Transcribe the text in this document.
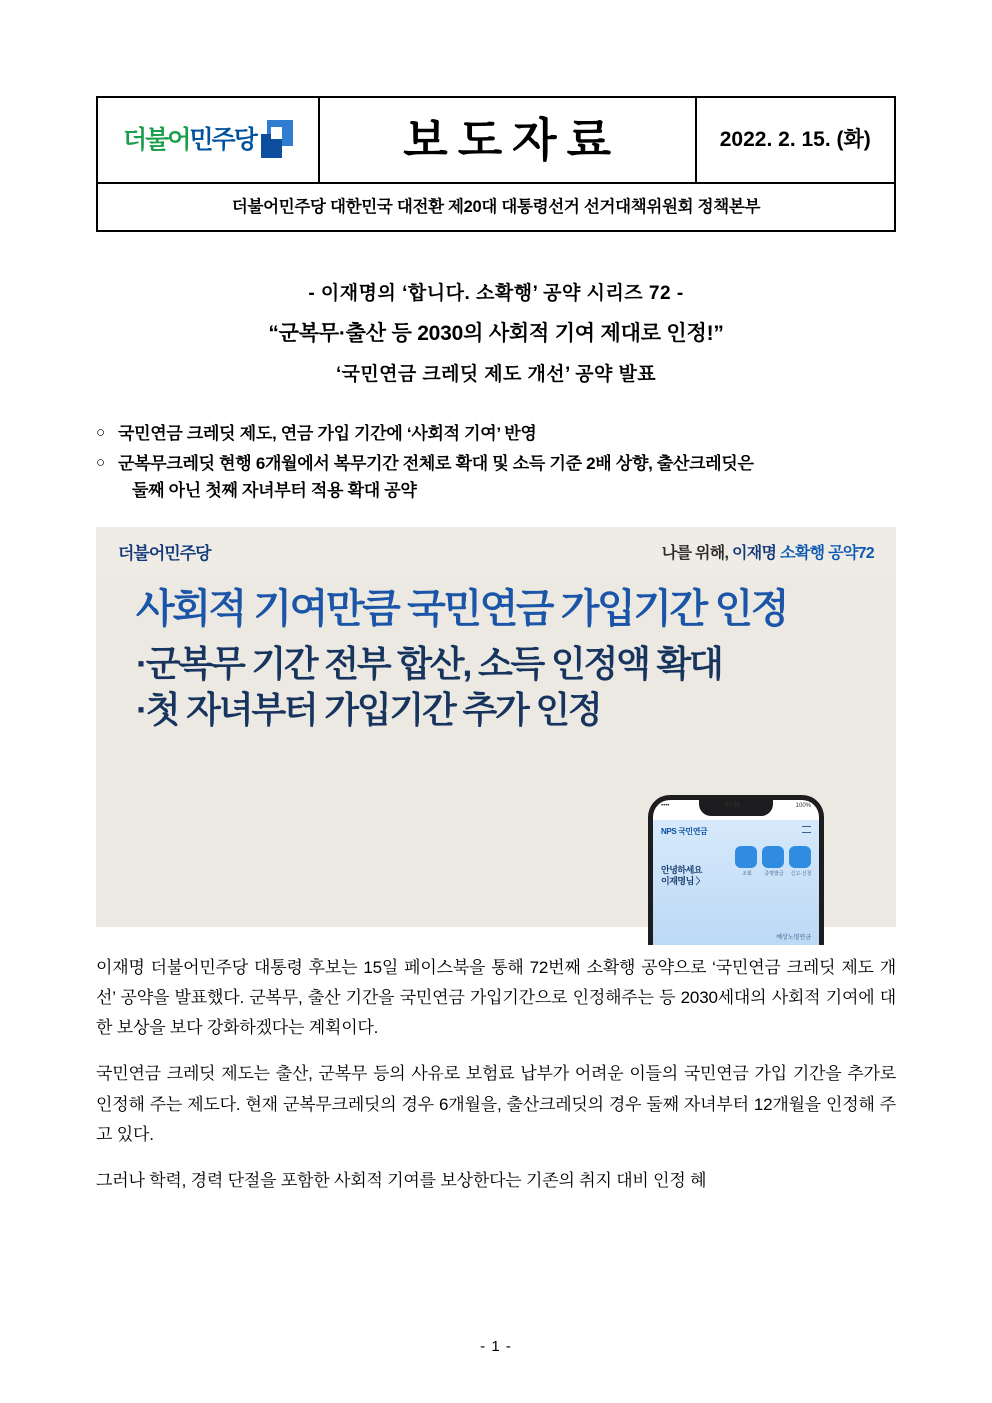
더불어민주당	보도자료	2022. 2. 15. (화)

더불어민주당 대한민국 대전환 제20대 대통령선거 선거대책위원회 정책본부
- 이재명의 ‘합니다. 소확행’ 공약 시리즈 72 -
“군복무·출산 등 2030의 사회적 기여 제대로 인정!”
‘국민연금 크레딧 제도 개선’ 공약 발표
○ 국민연금 크레딧 제도, 연금 가입 기간에 ‘사회적 기여’ 반영
○ 군복무크레딧 현행 6개월에서 복무기간 전체로 확대 및 소득 기준 2배 상향, 출산크레딧은
둘째 아닌 첫째 자녀부터 적용 확대 공약
더불어민주당	나를 위해, 이재명 소확행 공약72
사회적 기여만큼 국민연금 가입기간 인정
·군복무 기간 전부 합산, 소득 인정액 확대
·첫 자녀부터 가입기간 추가 인정
••••	07:35	100%
NPS 국민연금
조회	증명발급	신고·신청
안녕하세요
이재명님 〉
예상노령연금

이재명 더불어민주당 대통령 후보는 15일 페이스북을 통해 72번째 소확행 공약으로 ‘국민연금 크레딧 제도 개선’ 공약을 발표했다. 군복무, 출산 기간을 국민연금 가입기간으로 인정해주는 등 2030세대의 사회적 기여에 대한 보상을 보다 강화하겠다는 계획이다.

국민연금 크레딧 제도는 출산, 군복무 등의 사유로 보험료 납부가 어려운 이들의 국민연금 가입 기간을 추가로 인정해 주는 제도다. 현재 군복무크레딧의 경우 6개월을, 출산크레딧의 경우 둘째 자녀부터 12개월을 인정해 주고 있다.

그러나 학력, 경력 단절을 포함한 사회적 기여를 보상한다는 기존의 취지 대비 인정 혜

- 1 -
